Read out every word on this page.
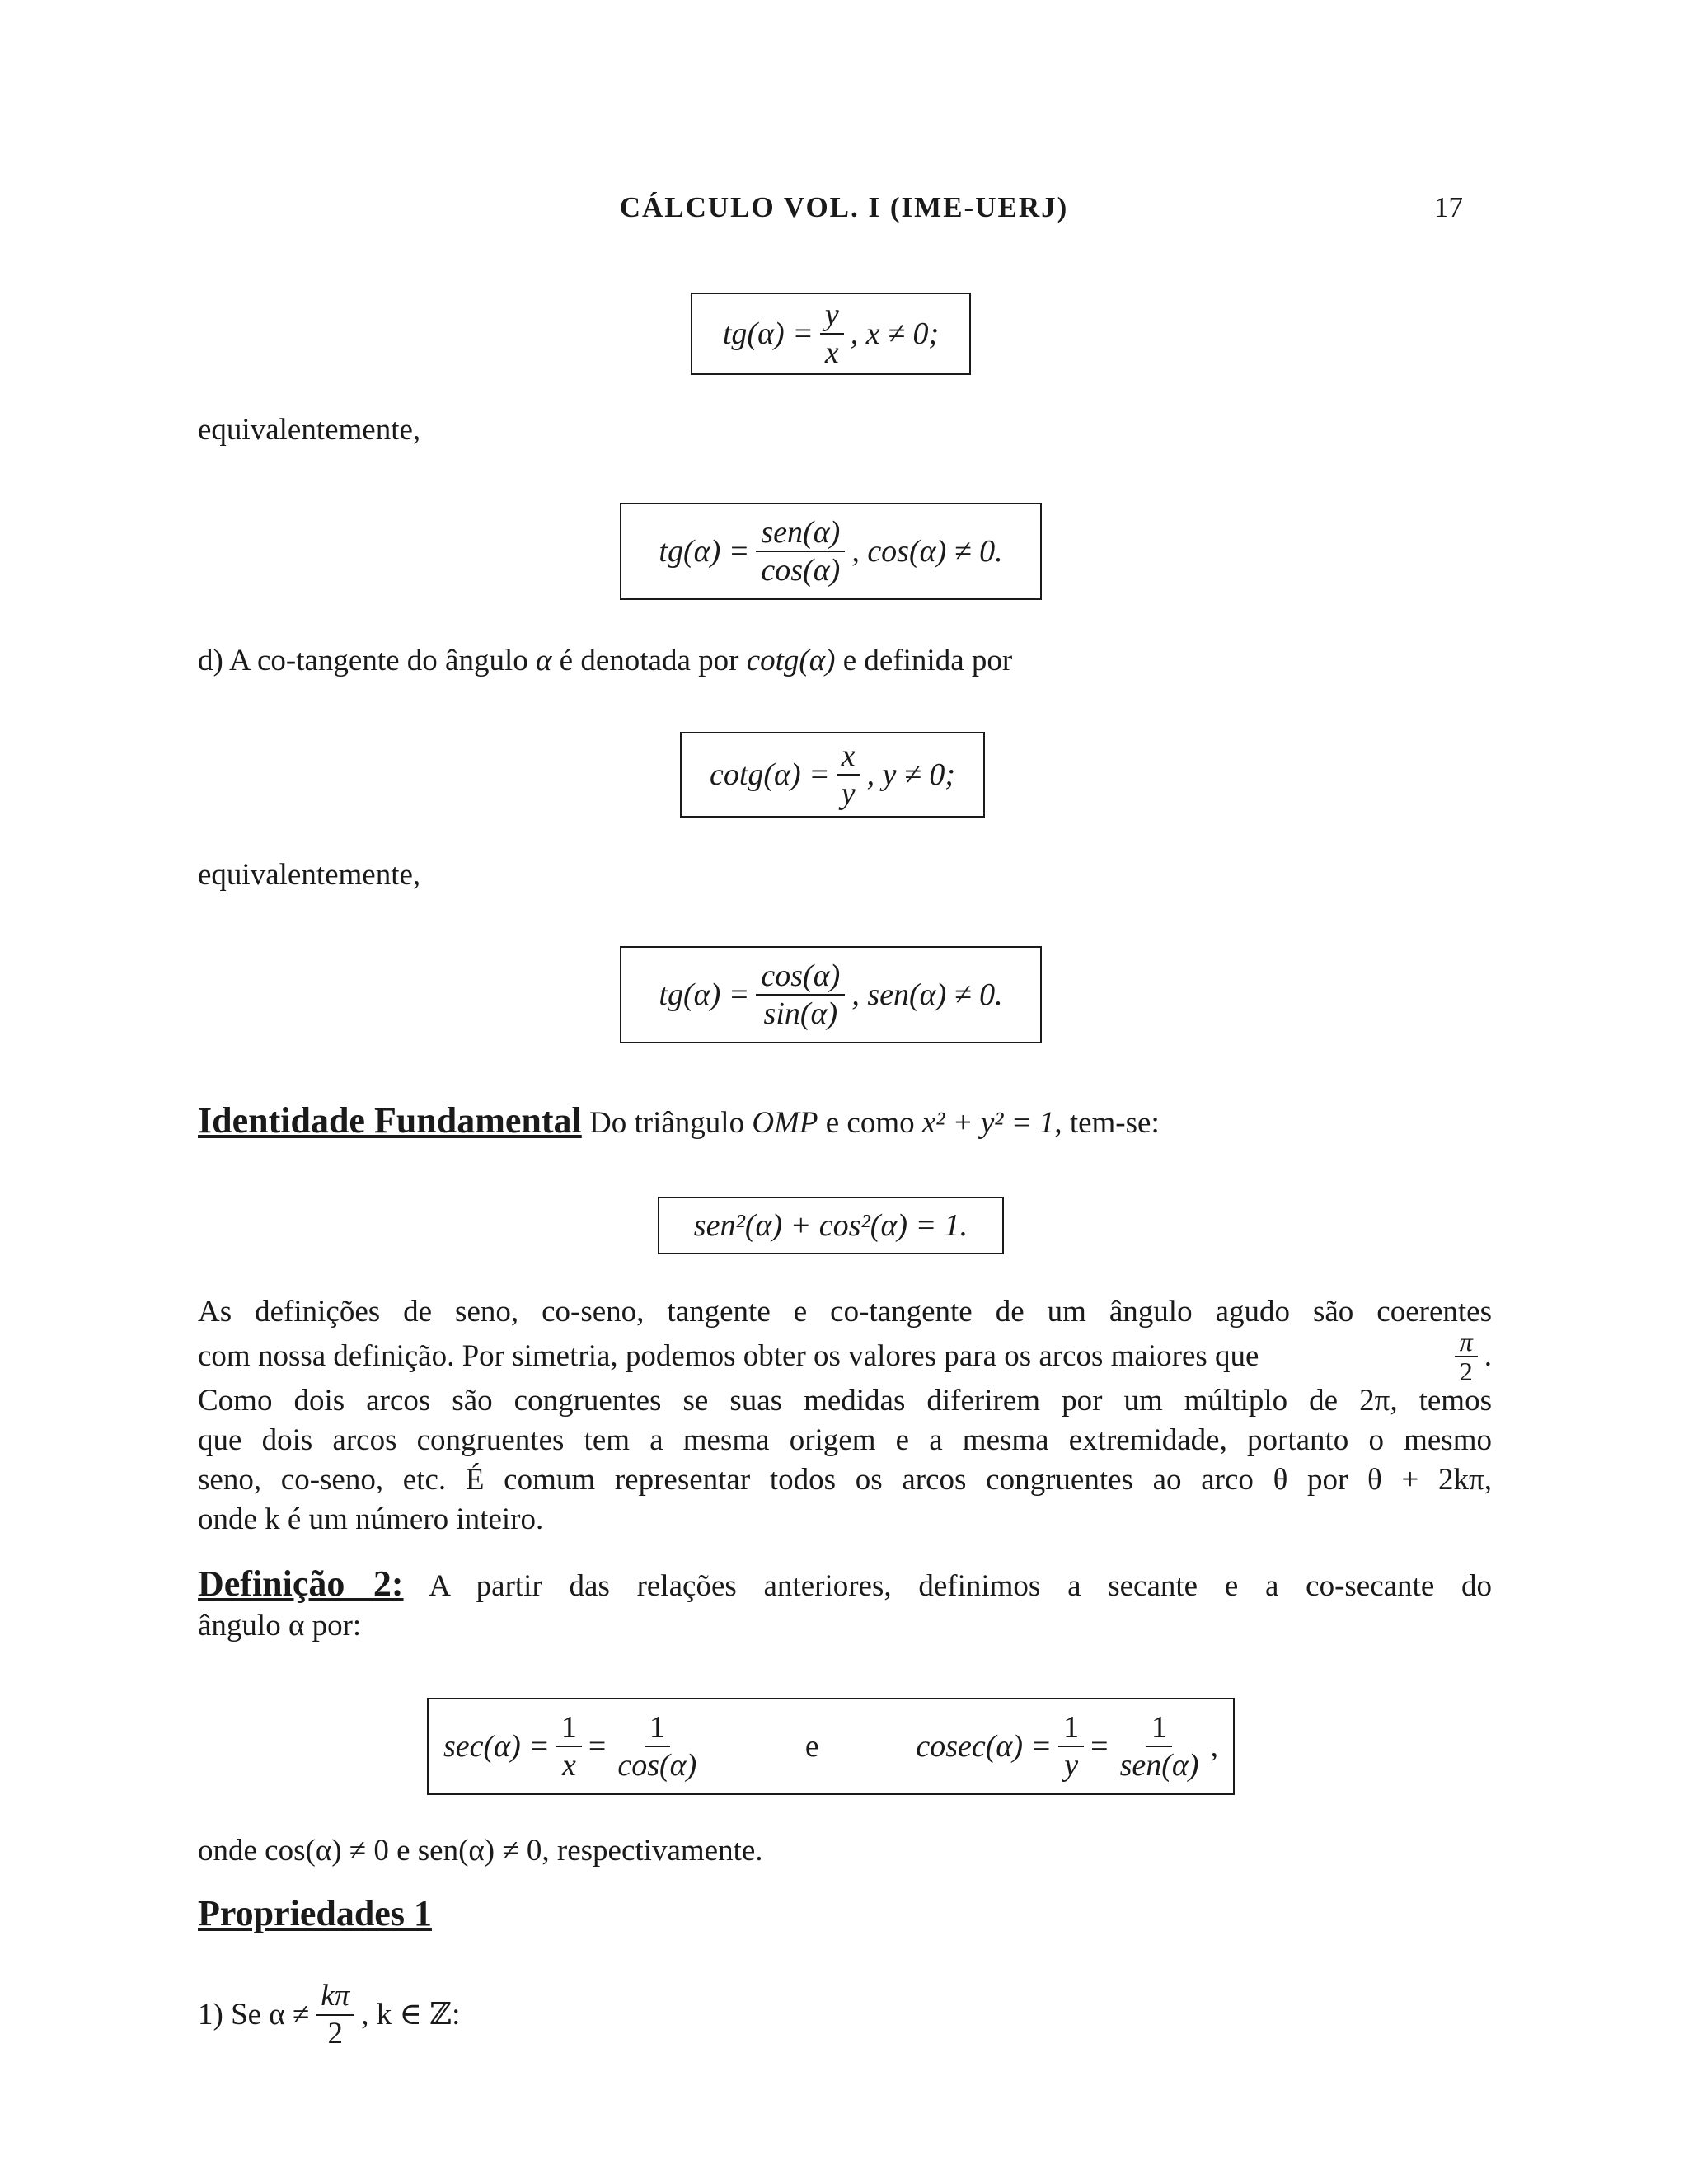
CÁLCULO VOL. I (IME-UERJ)	17
$tg(\alpha) = \frac{y}{x}$ , x ≠ 0;
equivalentemente,
$tg(\alpha) = \frac{\text{sen(α)}}{\cos(\alpha)}$ , cos(α) ≠ 0.
d) A co-tangente do ângulo α é denotada por cotg(α) e definida por
$\cot g(\alpha) = \frac{x}{y}$ , y ≠ 0;
equivalentemente,
$tg(\alpha) = \frac{\cos(\alpha)}{\sin(\alpha)}$ , sen(α) ≠ 0.
Identidade Fundamental Do triângulo OMP e como x² + y² = 1, tem-se:
sen²(α) + cos²(α) = 1.
As definições de seno, co-seno, tangente e co-tangente de um ângulo agudo são coerentes
com nossa definição. Por simetria, podemos obter os valores para os arcos maiores que	$\frac{\pi}{2}$ .
Como dois arcos são congruentes se suas medidas diferirem por um múltiplo de 2π, temos
que dois arcos congruentes tem a mesma origem e a mesma extremidade, portanto o mesmo
seno, co-seno, etc. É comum representar todos os arcos congruentes ao arco θ por θ + 2kπ,
onde k é um número inteiro.
Definição 2: A partir das relações anteriores, definimos a secante e a co-secante do
ângulo α por:
$\sec(\alpha) = \frac{1}{x} = \frac{1}{\cos(\alpha)}$	e	$cosec(\alpha) = \frac{1}{y} = \frac{1}{\text{sen(α)}}$ ,
onde cos(α) ≠ 0 e sen(α) ≠ 0, respectivamente.
Propriedades 1
1) Se $\alpha \ne \frac{k\pi}{2}$ , k ∈ ℤ:
